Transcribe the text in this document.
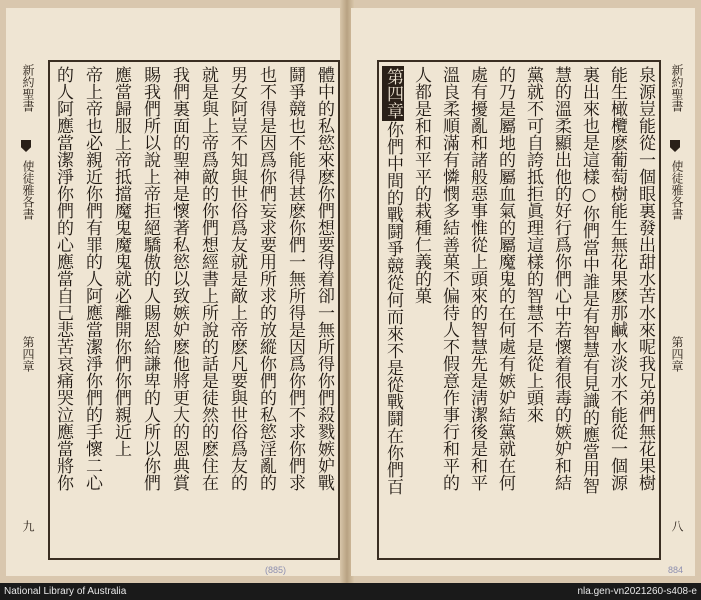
新約聖書
使徒雅各書
第四章
九
體中的私慾來麽你們想要得着卻一無所得你們殺戮嫉妒戰
鬪爭競也不能得甚麽你們一無所得是因爲你們不求你們求
也不得是因爲你們妄求要用所求的放縱你們的私慾淫亂的
男女阿豈不知與世俗爲友就是敵上帝麽凡要與世俗爲友的
就是與上帝爲敵的你們想經書上所說的話是徒然的麽住在
我們裏面的聖神是懷著私慾以致嫉妒麽他將更大的恩典賞
賜我們所以說上帝拒絕驕傲的人賜恩給謙卑的人所以你們
應當歸服上帝抵擋魔鬼魔鬼就必離開你們你們親近上
帝上帝也必親近你們有罪的人阿應當潔淨你們的手懷二心
的人阿應當潔淨你們的心應當自己悲苦哀痛哭泣應當將你	泉源豈能從一個眼裏發出甜水苦水來呢我兄弟們無花果樹
能生橄欖麽葡萄樹能生無花果麽那鹹水淡水不能從一個源
裏出來也是這樣○你們當中誰是有智慧有見識的應當用智
慧的溫柔顯出他的好行爲你們心中若懷着很毒的嫉妒和結
黨就不可自誇抵拒眞理這樣的智慧不是從上頭來
的乃是屬地的屬血氣的屬魔鬼的在何處有嫉妒結黨就在何
處有擾亂和諸般惡事惟從上頭來的智慧先是淸潔後是和平
溫良柔順滿有憐憫多結善菓不偏待人不假意作事行和平的
人都是和和平平的栽種仁義的菓
第四章你們中間的戰鬪爭競從何而來不是從戰鬪在你們百
新約聖書
使徒雅各書
第四章
八
(885)	884
National Library of Australia	nla.gen-vn2021260-s408-e
